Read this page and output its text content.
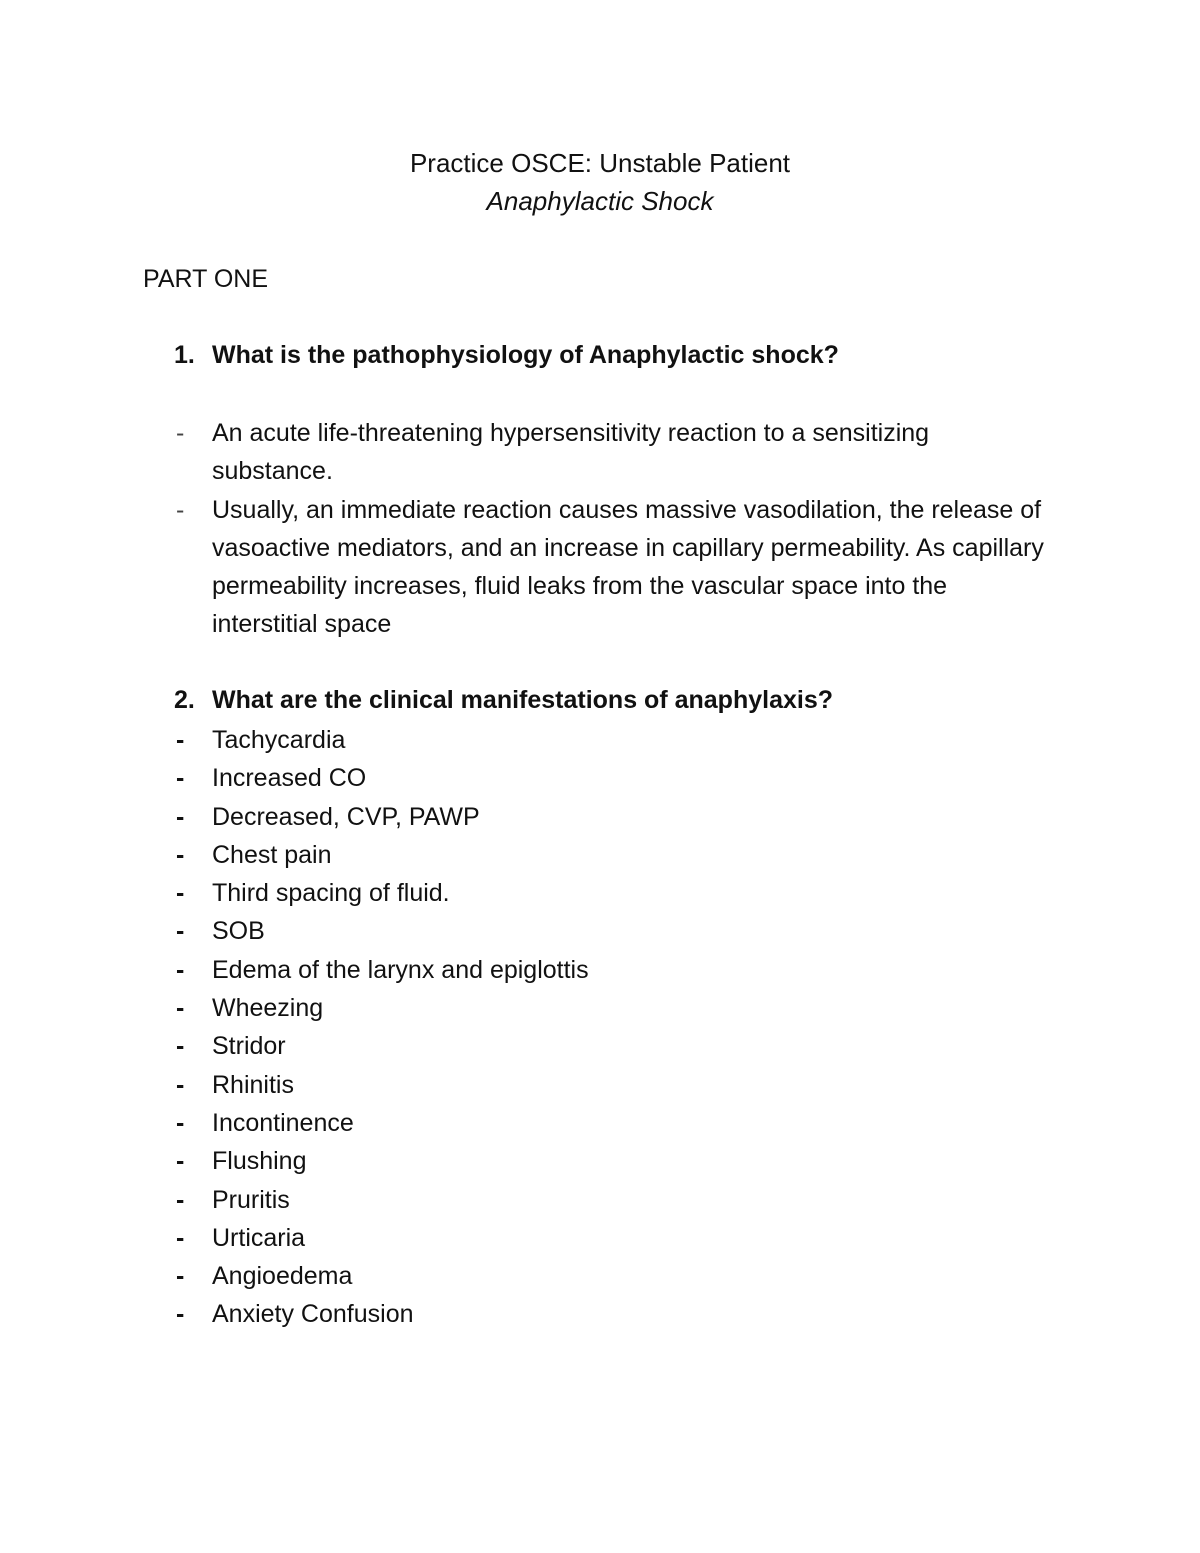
Practice OSCE: Unstable Patient
Anaphylactic Shock
PART ONE
1. What is the pathophysiology of Anaphylactic shock?
- An acute life-threatening hypersensitivity reaction to a sensitizing substance.
- Usually, an immediate reaction causes massive vasodilation, the release of vasoactive mediators, and an increase in capillary permeability. As capillary permeability increases, fluid leaks from the vascular space into the interstitial space
2. What are the clinical manifestations of anaphylaxis?
- Tachycardia
- Increased CO
- Decreased, CVP, PAWP
- Chest pain
- Third spacing of fluid.
- SOB
- Edema of the larynx and epiglottis
- Wheezing
- Stridor
- Rhinitis
- Incontinence
- Flushing
- Pruritis
- Urticaria
- Angioedema
- Anxiety Confusion
